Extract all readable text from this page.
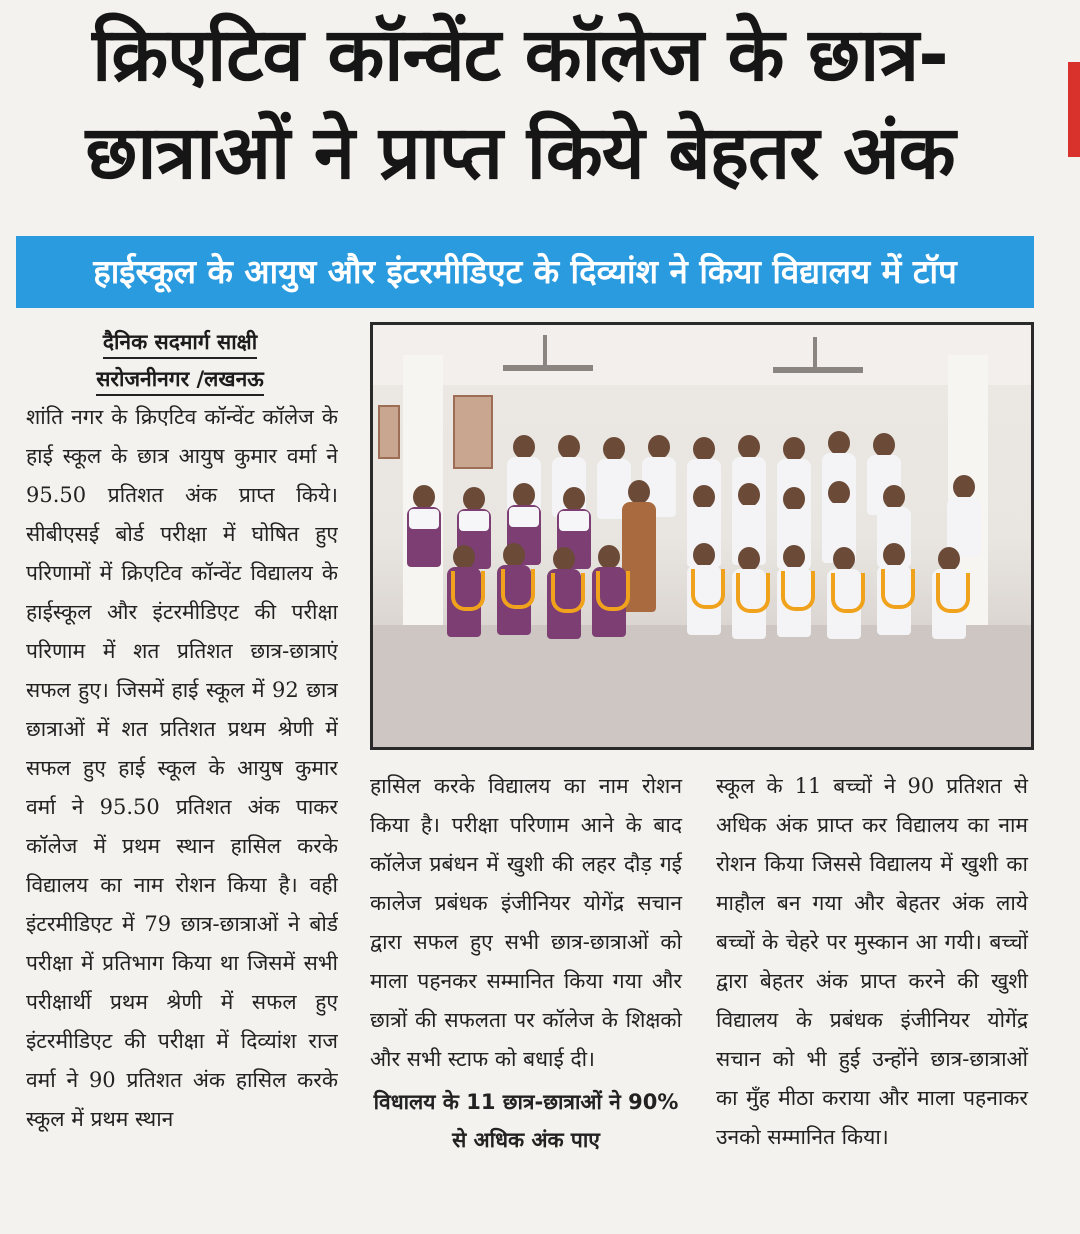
क्रिएटिव कॉन्वेंट कॉलेज के छात्र-
छात्राओं ने प्राप्त किये बेहतर अंक
हाईस्कूल के आयुष और इंटरमीडिएट के दिव्यांश ने किया विद्यालय में टॉप
दैनिक सदमार्ग साक्षी
सरोजनीनगर /लखनऊ

शांति नगर के क्रिएटिव कॉन्वेंट कॉलेज के हाई स्कूल के छात्र आयुष कुमार वर्मा ने 95.50 प्रतिशत अंक प्राप्त किये। सीबीएसई बोर्ड परीक्षा में घोषित हुए परिणामों में क्रिएटिव कॉन्वेंट विद्यालय के हाईस्कूल और इंटरमीडिएट की परीक्षा परिणाम में शत प्रतिशत छात्र-छात्राएं सफल हुए। जिसमें हाई स्कूल में 92 छात्र छात्राओं में शत प्रतिशत प्रथम श्रेणी में सफल हुए हाई स्कूल के आयुष कुमार वर्मा ने 95.50 प्रतिशत अंक पाकर कॉलेज में प्रथम स्थान हासिल करके विद्यालय का नाम रोशन किया है। वही इंटरमीडिएट में 79 छात्र-छात्राओं ने बोर्ड परीक्षा में प्रतिभाग किया था जिसमें सभी परीक्षार्थी प्रथम श्रेणी में सफल हुए इंटरमीडिएट की परीक्षा में दिव्यांश राज वर्मा ने 90 प्रतिशत अंक हासिल करके स्कूल में प्रथम स्थान

हासिल करके विद्यालय का नाम रोशन किया है। परीक्षा परिणाम आने के बाद कॉलेज प्रबंधन में खुशी की लहर दौड़ गई कालेज प्रबंधक इंजीनियर योगेंद्र सचान द्वारा सफल हुए सभी छात्र-छात्राओं को माला पहनकर सम्मानित किया गया और छात्रों की सफलता पर कॉलेज के शिक्षको और सभी स्टाफ को बधाई दी।

विधालय के 11 छात्र-छात्राओं ने 90% से अधिक अंक पाए

स्कूल के 11 बच्चों ने 90 प्रतिशत से अधिक अंक प्राप्त कर विद्यालय का नाम रोशन किया जिससे विद्यालय में खुशी का माहौल बन गया और बेहतर अंक लाये बच्चों के चेहरे पर मुस्कान आ गयी। बच्चों द्वारा बेहतर अंक प्राप्त करने की खुशी विद्यालय के प्रबंधक इंजीनियर योगेंद्र सचान को भी हुई उन्होंने छात्र-छात्राओं का मुँह मीठा कराया और माला पहनाकर उनको सम्मानित किया।
